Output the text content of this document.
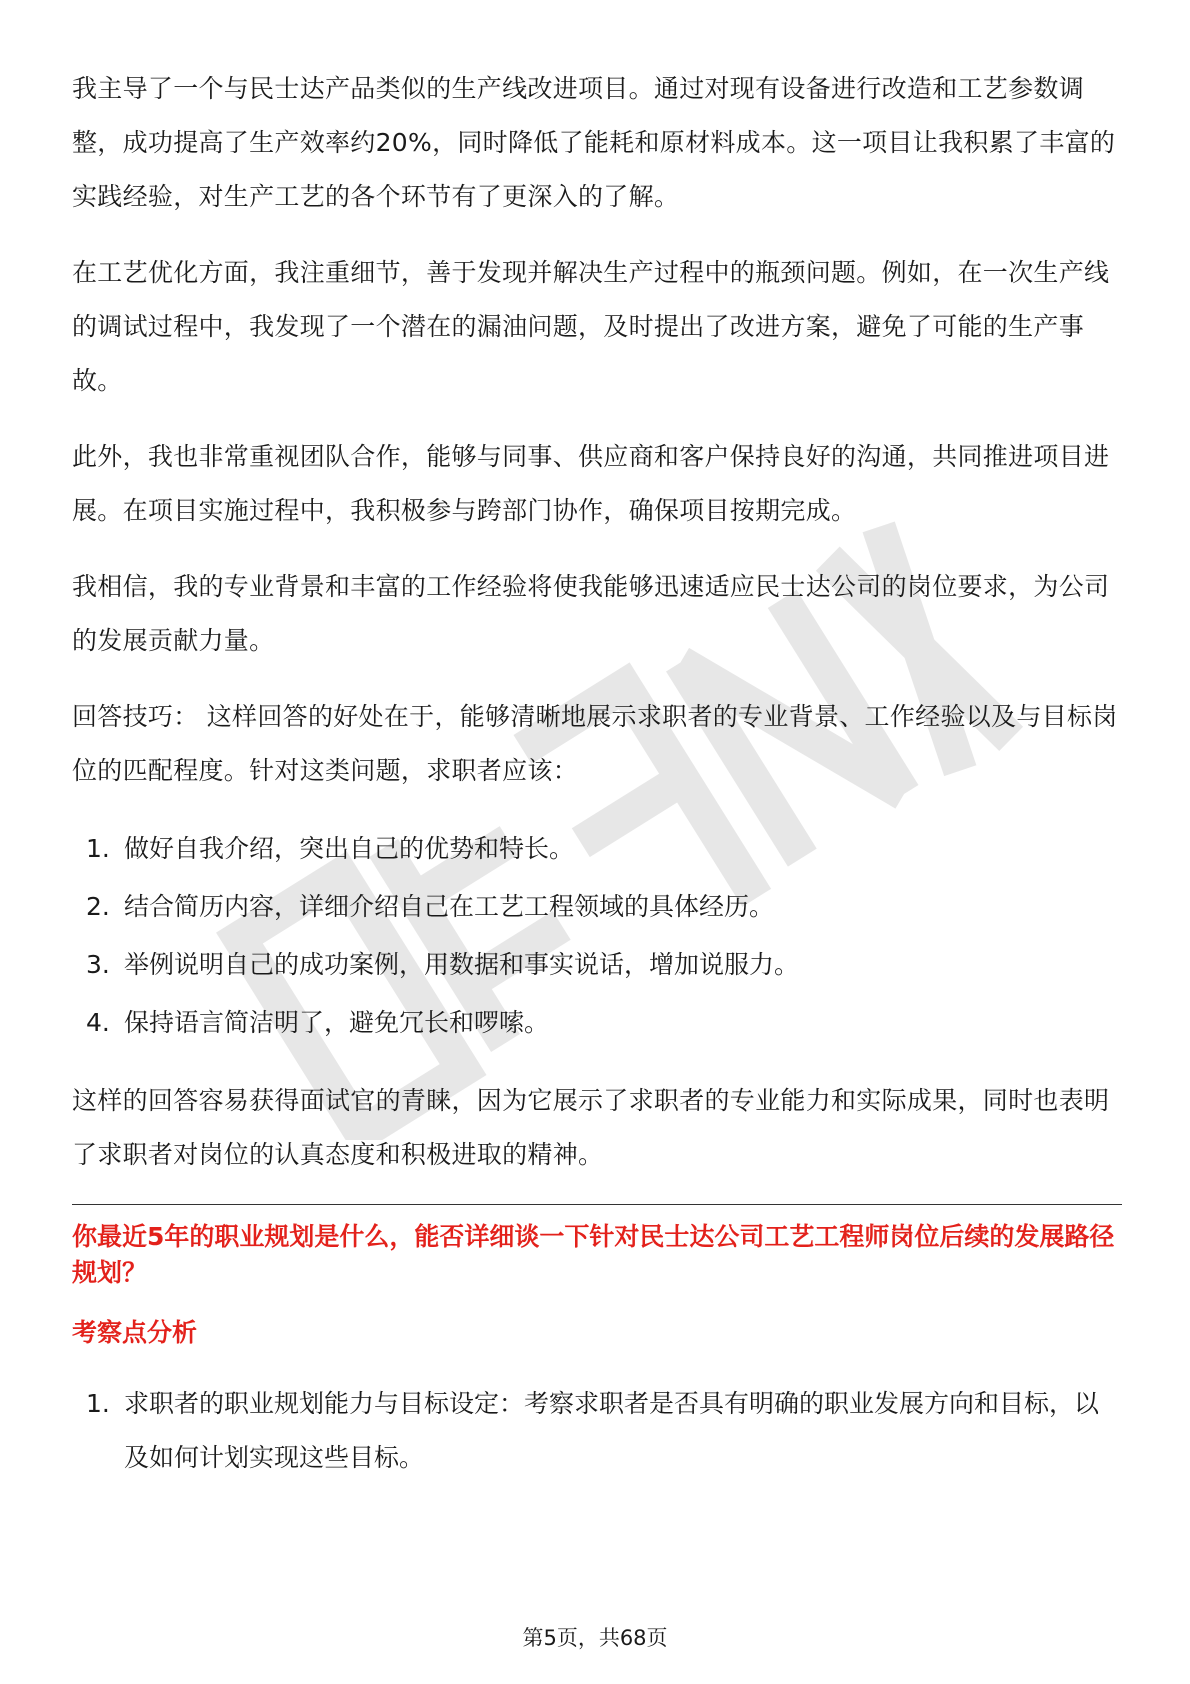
我主导了一个与民士达产品类似的生产线改进项目。通过对现有设备进行改造和工艺参数调整，成功提高了生产效率约20%，同时降低了能耗和原材料成本。这一项目让我积累了丰富的实践经验，对生产工艺的各个环节有了更深入的了解。

在工艺优化方面，我注重细节，善于发现并解决生产过程中的瓶颈问题。例如，在一次生产线的调试过程中，我发现了一个潜在的漏油问题，及时提出了改进方案，避免了可能的生产事故。

此外，我也非常重视团队合作，能够与同事、供应商和客户保持良好的沟通，共同推进项目进展。在项目实施过程中，我积极参与跨部门协作，确保项目按期完成。

我相信，我的专业背景和丰富的工作经验将使我能够迅速适应民士达公司的岗位要求，为公司的发展贡献力量。

回答技巧： 这样回答的好处在于，能够清晰地展示求职者的专业背景、工作经验以及与目标岗位的匹配程度。针对这类问题，求职者应该：

1. 做好自我介绍，突出自己的优势和特长。
2. 结合简历内容，详细介绍自己在工艺工程领域的具体经历。
3. 举例说明自己的成功案例，用数据和事实说话，增加说服力。
4. 保持语言简洁明了，避免冗长和啰嗦。

这样的回答容易获得面试官的青睐，因为它展示了求职者的专业能力和实际成果，同时也表明了求职者对岗位的认真态度和积极进取的精神。

你最近5年的职业规划是什么，能否详细谈一下针对民士达公司工艺工程师岗位后续的发展路径规划？
考察点分析
1. 求职者的职业规划能力与目标设定：考察求职者是否具有明确的职业发展方向和目标，以及如何计划实现这些目标。
第5页，共68页
